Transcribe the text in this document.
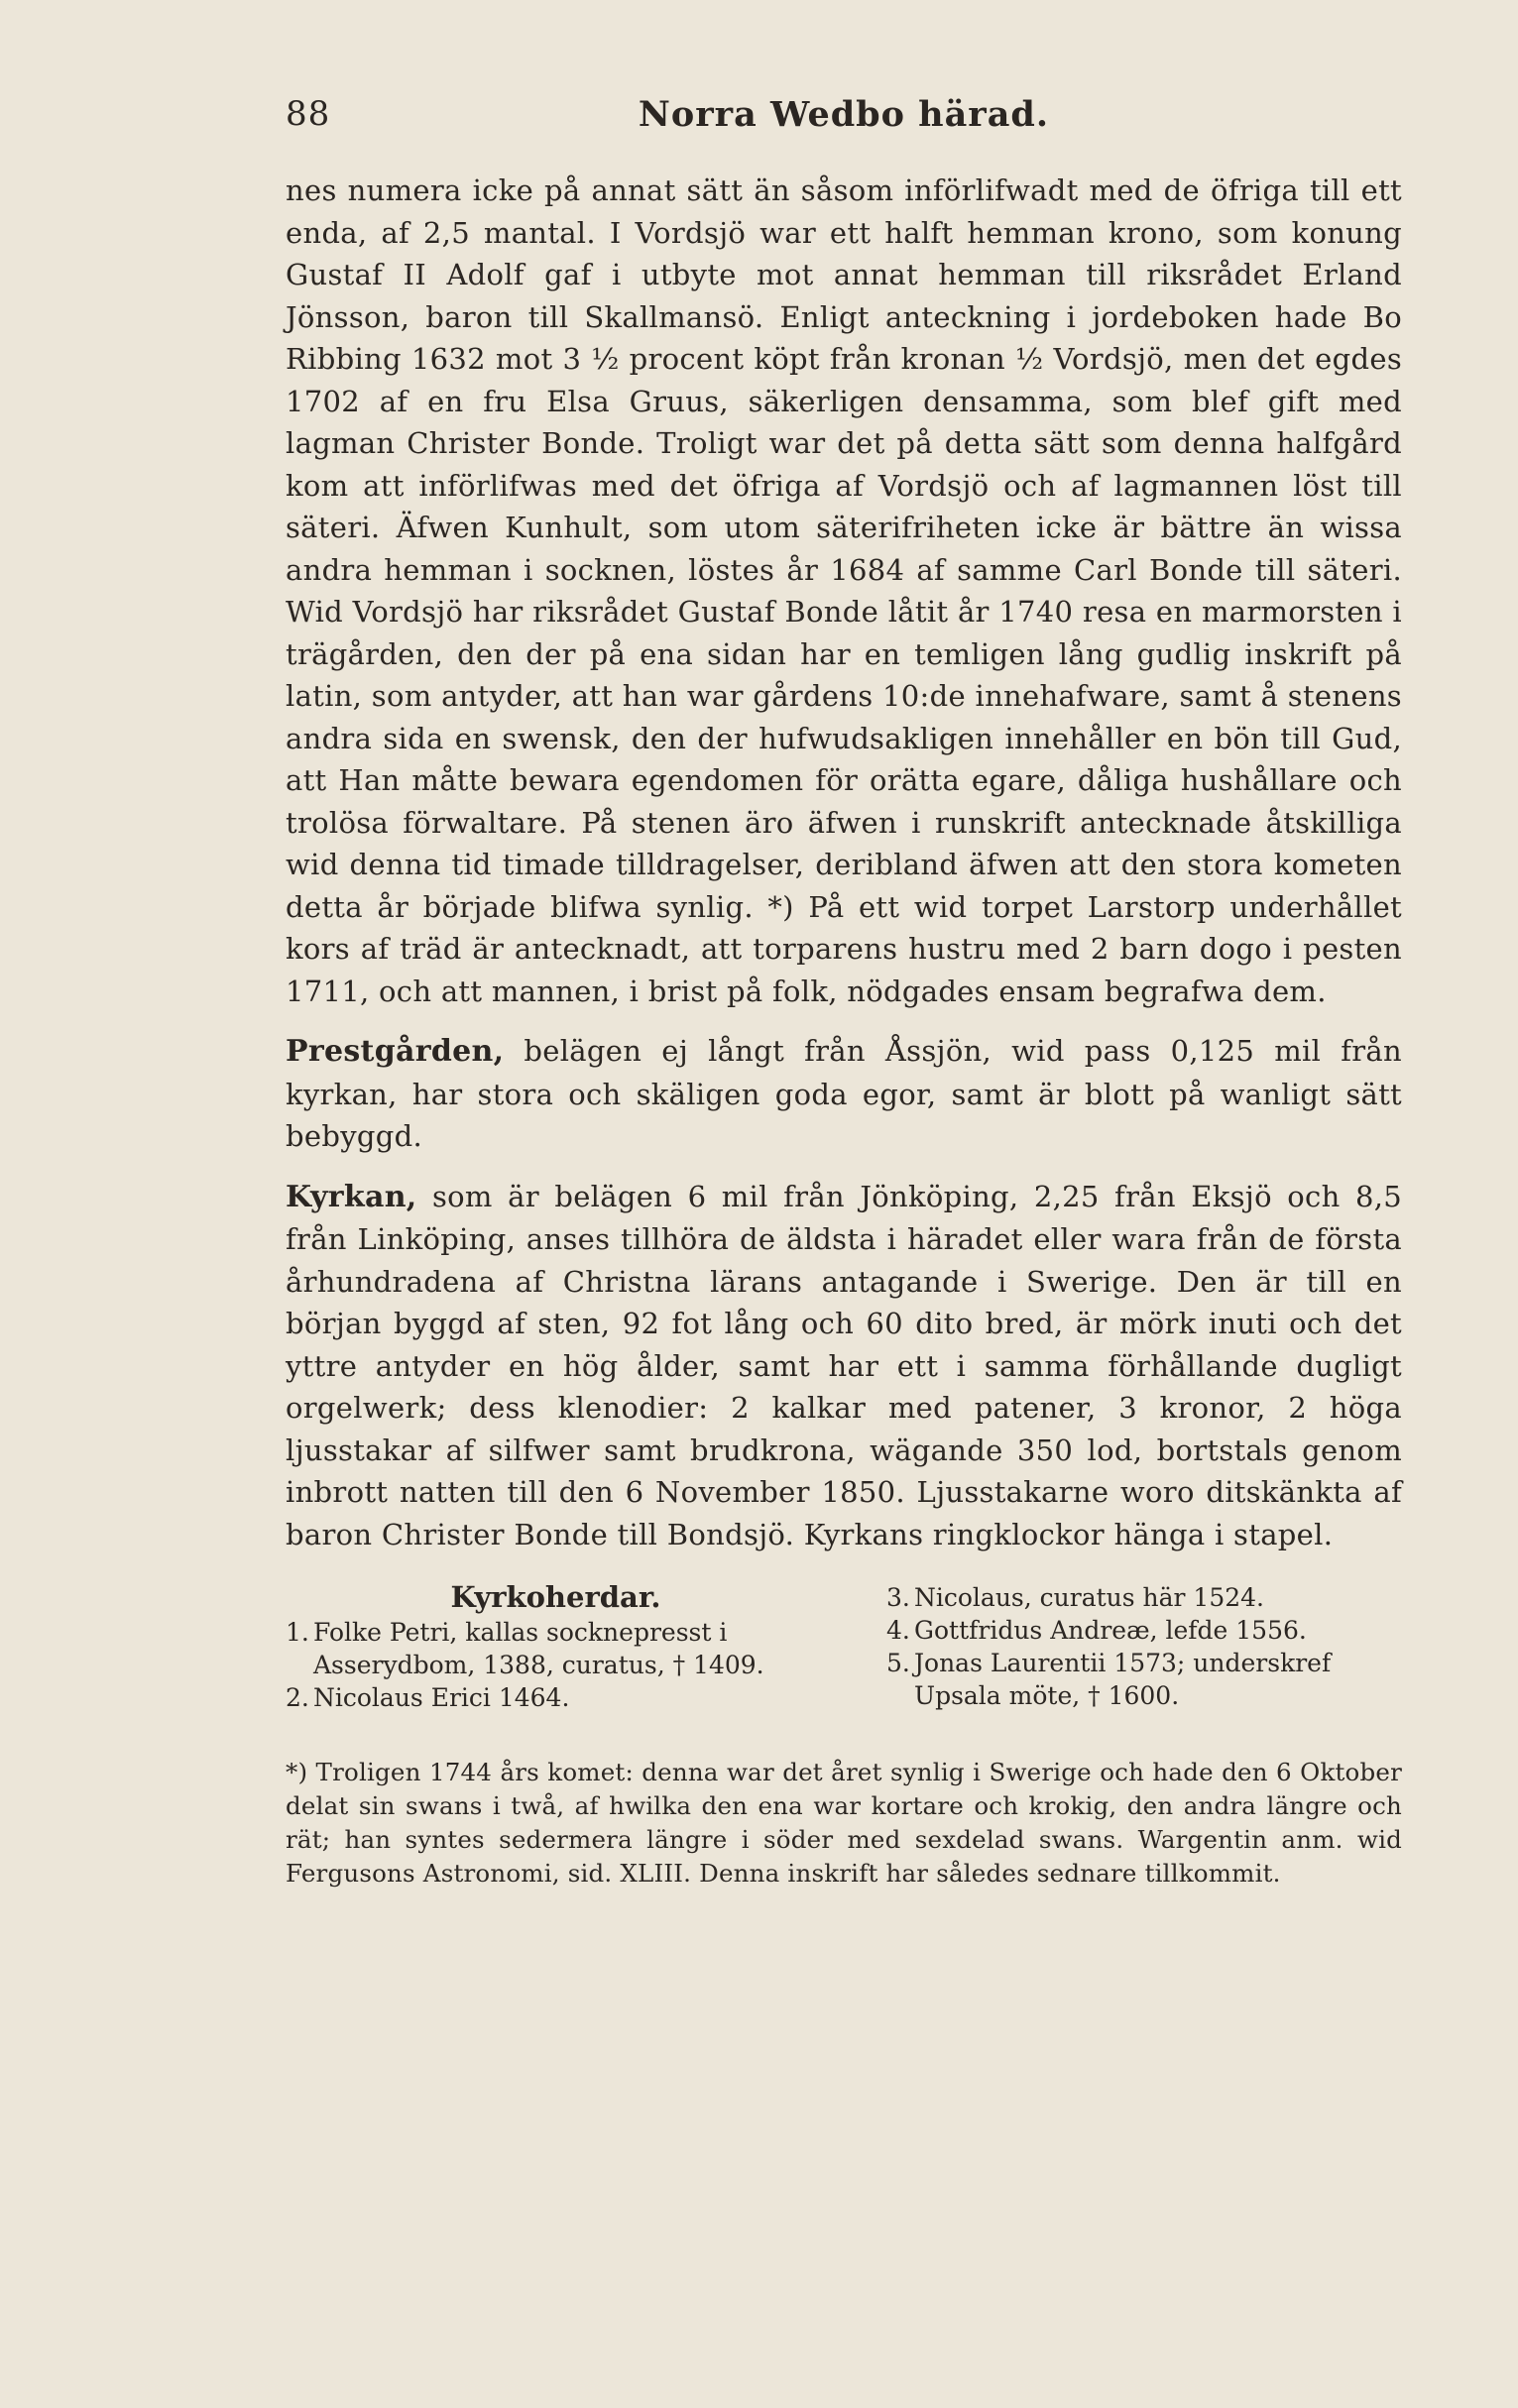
88	Norra Wedbo härad.

nes numera icke på annat sätt än såsom införlifwadt med de öfriga till ett enda, af 2,5 mantal. I Vordsjö war ett halft hemman krono, som konung Gustaf II Adolf gaf i utbyte mot annat hemman till riksrådet Erland Jönsson, baron till Skallmansö. Enligt anteckning i jordeboken hade Bo Ribbing 1632 mot 3 ½ procent köpt från kronan ½ Vordsjö, men det egdes 1702 af en fru Elsa Gruus, säkerligen densamma, som blef gift med lagman Christer Bonde. Troligt war det på detta sätt som denna halfgård kom att införlifwas med det öfriga af Vordsjö och af lagmannen löst till säteri. Äfwen Kunhult, som utom säterifriheten icke är bättre än wissa andra hemman i socknen, löstes år 1684 af samme Carl Bonde till säteri. Wid Vordsjö har riksrådet Gustaf Bonde låtit år 1740 resa en marmorsten i trägården, den der på ena sidan har en temligen lång gudlig inskrift på latin, som antyder, att han war gårdens 10:de innehafware, samt å stenens andra sida en swensk, den der hufwudsakligen innehåller en bön till Gud, att Han måtte bewara egendomen för orätta egare, dåliga hushållare och trolösa förwaltare. På stenen äro äfwen i runskrift antecknade åtskilliga wid denna tid timade tilldragelser, deribland äfwen att den stora kometen detta år började blifwa synlig. *) På ett wid torpet Larstorp underhållet kors af träd är antecknadt, att torparens hustru med 2 barn dogo i pesten 1711, och att mannen, i brist på folk, nödgades ensam begrafwa dem.

Prestgården, belägen ej långt från Åssjön, wid pass 0,125 mil från kyrkan, har stora och skäligen goda egor, samt är blott på wanligt sätt bebyggd.

Kyrkan, som är belägen 6 mil från Jönköping, 2,25 från Eksjö och 8,5 från Linköping, anses tillhöra de äldsta i häradet eller wara från de första århundradena af Christna lärans antagande i Swerige. Den är till en början byggd af sten, 92 fot lång och 60 dito bred, är mörk inuti och det yttre antyder en hög ålder, samt har ett i samma förhållande dugligt orgelwerk; dess klenodier: 2 kalkar med patener, 3 kronor, 2 höga ljusstakar af silfwer samt brudkrona, wägande 350 lod, bortstals genom inbrott natten till den 6 November 1850. Ljusstakarne woro ditskänkta af baron Christer Bonde till Bondsjö. Kyrkans ringklockor hänga i stapel.

Kyrkoherdar.
1. Folke Petri, kallas socknepresst i Asserydbom, 1388, curatus, † 1409.
2. Nicolaus Erici 1464.
3. Nicolaus, curatus här 1524.
4. Gottfridus Andreæ, lefde 1556.
5. Jonas Laurentii 1573; underskref Upsala möte, † 1600.

*) Troligen 1744 års komet: denna war det året synlig i Swerige och hade den 6 Oktober delat sin swans i twå, af hwilka den ena war kortare och krokig, den andra längre och rät; han syntes sedermera längre i söder med sexdelad swans. Wargentin anm. wid Fergusons Astronomi, sid. XLIII. Denna inskrift har således sednare tillkommit.
